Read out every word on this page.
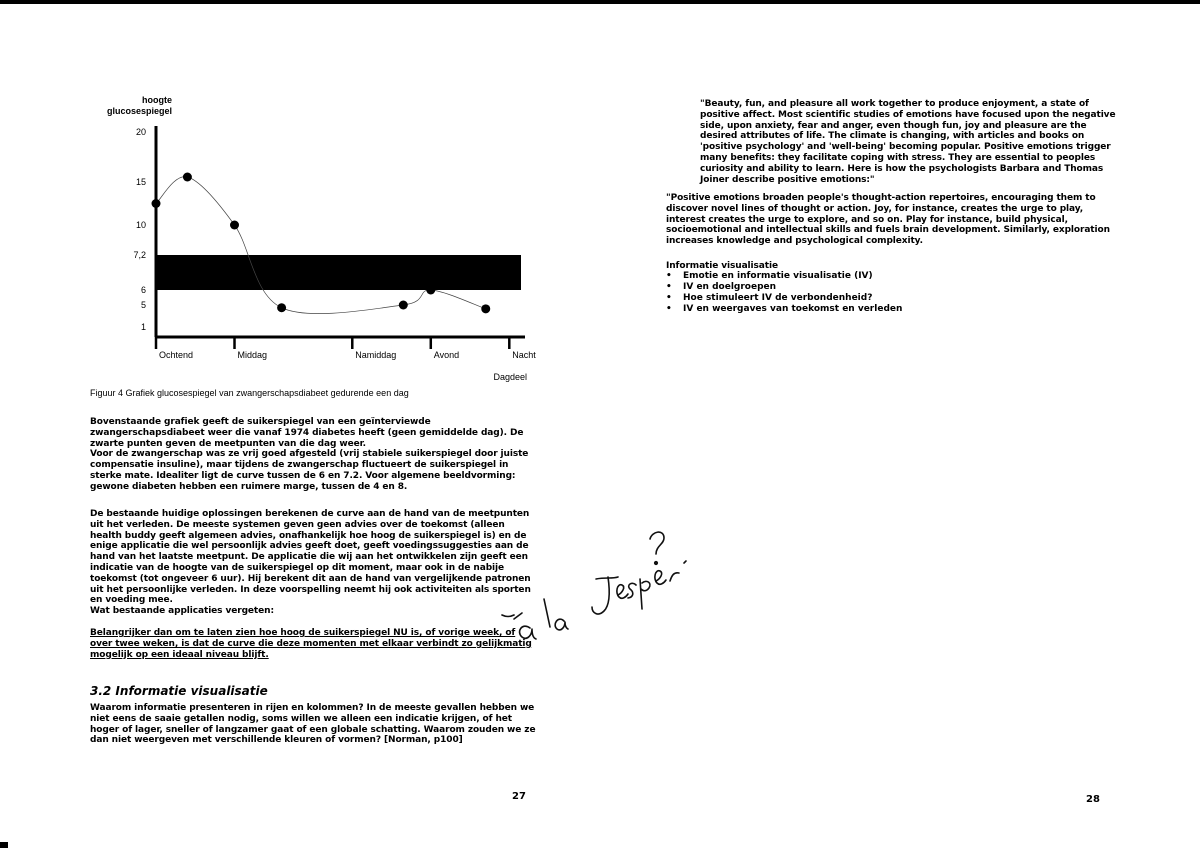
hoogte
glucosespiegel
20
15
10
7,2
6
5
1
Ochtend	Middag	Namiddag	Avond	Nacht
Dagdeel
Figuur 4 Grafiek glucosespiegel van zwangerschapsdiabeet gedurende een dag
Bovenstaande grafiek geeft de suikerspiegel van een geïnterviewde
zwangerschapsdiabeet weer die vanaf 1974 diabetes heeft (geen gemiddelde dag). De
zwarte punten geven de meetpunten van die dag weer.
Voor de zwangerschap was ze vrij goed afgesteld (vrij stabiele suikerspiegel door juiste
compensatie insuline), maar tijdens de zwangerschap fluctueert de suikerspiegel in
sterke mate. Idealiter ligt de curve tussen de 6 en 7.2. Voor algemene beeldvorming:
gewone diabeten hebben een ruimere marge, tussen de 4 en 8.
De bestaande huidige oplossingen berekenen de curve aan de hand van de meetpunten
uit het verleden. De meeste systemen geven geen advies over de toekomst (alleen
health buddy geeft algemeen advies, onafhankelijk hoe hoog de suikerspiegel is) en de
enige applicatie die wel persoonlijk advies geeft doet, geeft voedingssuggesties aan de
hand van het laatste meetpunt. De applicatie die wij aan het ontwikkelen zijn geeft een
indicatie van de hoogte van de suikerspiegel op dit moment, maar ook in de nabije
toekomst (tot ongeveer 6 uur). Hij berekent dit aan de hand van vergelijkende patronen
uit het persoonlijke verleden. In deze voorspelling neemt hij ook activiteiten als sporten
en voeding mee.
Wat bestaande applicaties vergeten:
Belangrijker dan om te laten zien hoe hoog de suikerspiegel NU is, of vorige week, of
over twee weken, is dat de curve die deze momenten met elkaar verbindt zo gelijkmatig
mogelijk op een ideaal niveau blijft.
3.2 Informatie visualisatie
Waarom informatie presenteren in rijen en kolommen? In de meeste gevallen hebben we
niet eens de saaie getallen nodig, soms willen we alleen een indicatie krijgen, of het
hoger of lager, sneller of langzamer gaat of een globale schatting. Waarom zouden we ze
dan niet weergeven met verschillende kleuren of vormen? [Norman, p100]
27
"Beauty, fun, and pleasure all work together to produce enjoyment, a state of
positive affect. Most scientific studies of emotions have focused upon the negative
side, upon anxiety, fear and anger, even though fun, joy and pleasure are the
desired attributes of life. The climate is changing, with articles and books on
'positive psychology' and 'well-being' becoming popular. Positive emotions trigger
many benefits: they facilitate coping with stress. They are essential to peoples
curiosity and ability to learn. Here is how the psychologists Barbara and Thomas
Joiner describe positive emotions:"
"Positive emotions broaden people's thought-action repertoires, encouraging them to
discover novel lines of thought or action. Joy, for instance, creates the urge to play,
interest creates the urge to explore, and so on. Play for instance, build physical,
socioemotional and intellectual skills and fuels brain development. Similarly, exploration
increases knowledge and psychological complexity.
Informatie visualisatie
• Emotie en informatie visualisatie (IV)
• IV en doelgroepen
• Hoe stimuleert IV de verbondenheid?
• IV en weergaves van toekomst en verleden
28
